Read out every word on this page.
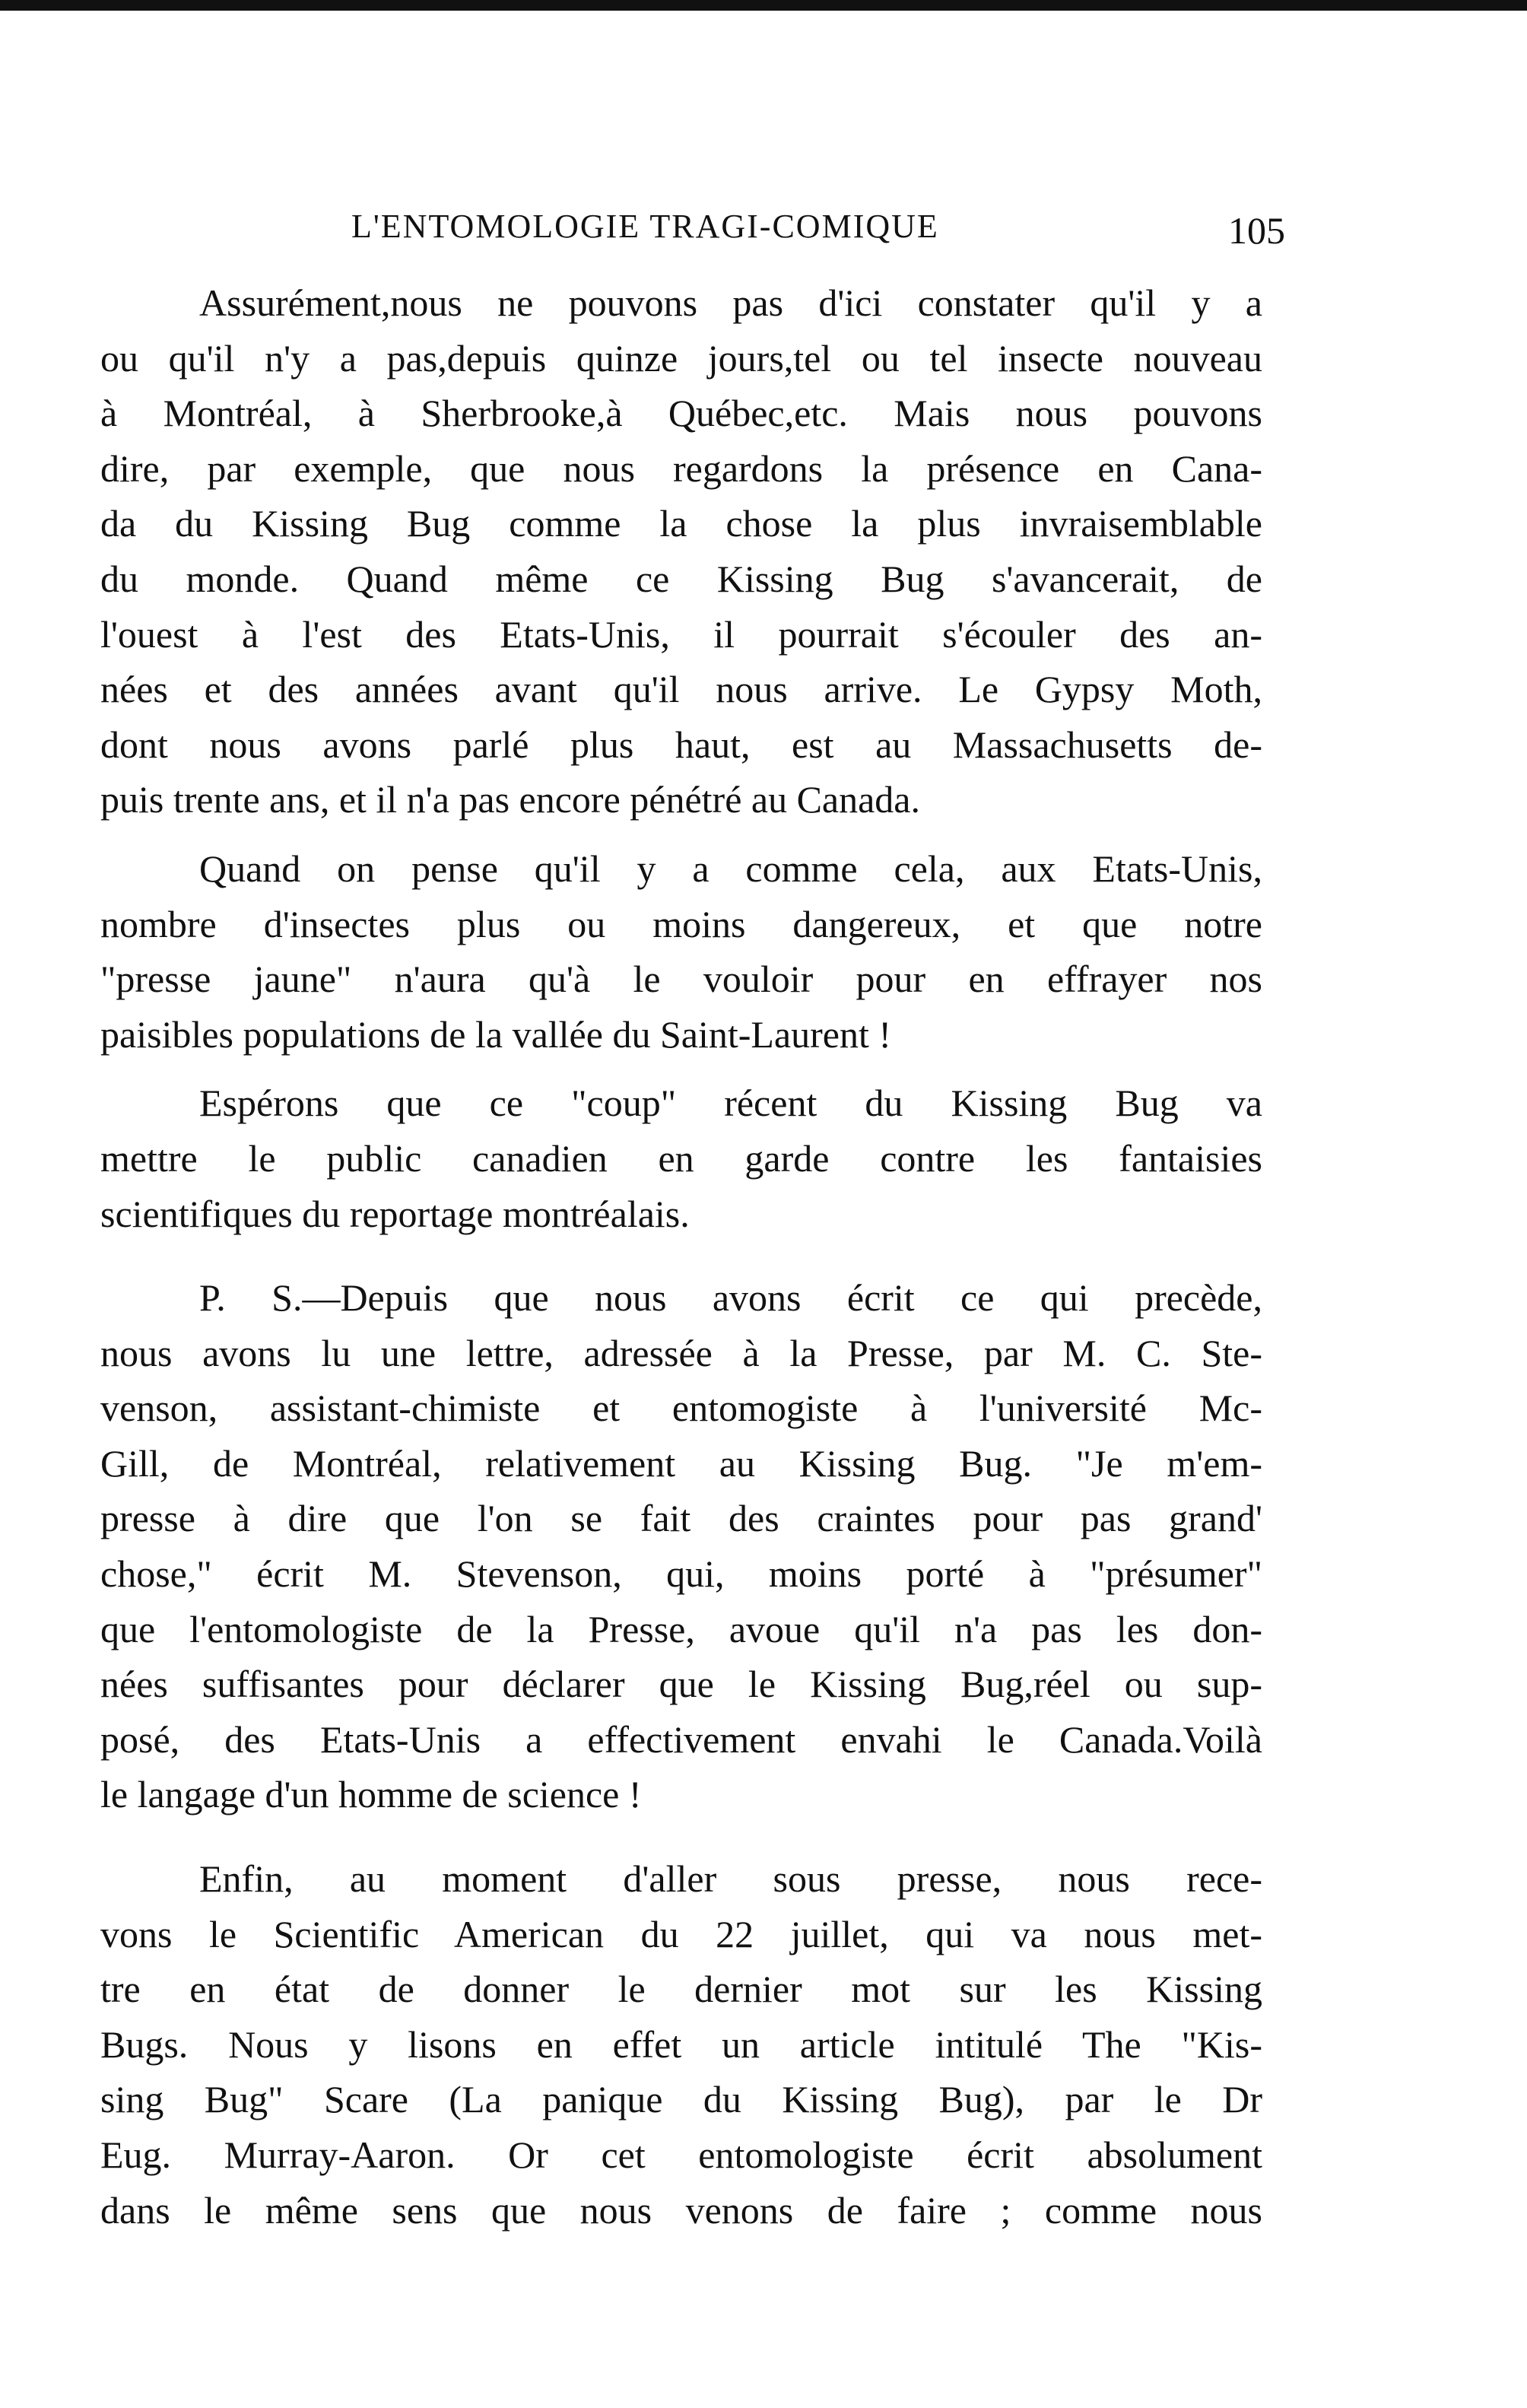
L'ENTOMOLOGIE TRAGI-COMIQUE	105

Assurément,nous ne pouvons pas d'ici constater qu'il y a
ou qu'il n'y a pas,depuis quinze jours,tel ou tel insecte nouveau
à Montréal, à Sherbrooke,à Québec,etc. Mais nous pouvons
dire, par exemple, que nous regardons la présence en Cana-
da du Kissing Bug comme la chose la plus invraisemblable
du monde. Quand même ce Kissing Bug s'avancerait, de
l'ouest à l'est des Etats-Unis, il pourrait s'écouler des an-
nées et des années avant qu'il nous arrive. Le Gypsy Moth,
dont nous avons parlé plus haut, est au Massachusetts de-
puis trente ans, et il n'a pas encore pénétré au Canada.

Quand on pense qu'il y a comme cela, aux Etats-Unis,
nombre d'insectes plus ou moins dangereux, et que notre
"presse jaune" n'aura qu'à le vouloir pour en effrayer nos
paisibles populations de la vallée du Saint-Laurent !

Espérons que ce "coup" récent du Kissing Bug va
mettre le public canadien en garde contre les fantaisies
scientifiques du reportage montréalais.

P. S.—Depuis que nous avons écrit ce qui precède,
nous avons lu une lettre, adressée à la Presse, par M. C. Ste-
venson, assistant-chimiste et entomogiste à l'université Mc-
Gill, de Montréal, relativement au Kissing Bug. "Je m'em-
presse à dire que l'on se fait des craintes pour pas grand'
chose," écrit M. Stevenson, qui, moins porté à "présumer"
que l'entomologiste de la Presse, avoue qu'il n'a pas les don-
nées suffisantes pour déclarer que le Kissing Bug,réel ou sup-
posé, des Etats-Unis a effectivement envahi le Canada.Voilà
le langage d'un homme de science !

Enfin, au moment d'aller sous presse, nous rece-
vons le Scientific American du 22 juillet, qui va nous met-
tre en état de donner le dernier mot sur les Kissing
Bugs. Nous y lisons en effet un article intitulé The "Kis-
sing Bug" Scare (La panique du Kissing Bug), par le Dr
Eug. Murray-Aaron. Or cet entomologiste écrit absolument
dans le même sens que nous venons de faire ; comme nous
